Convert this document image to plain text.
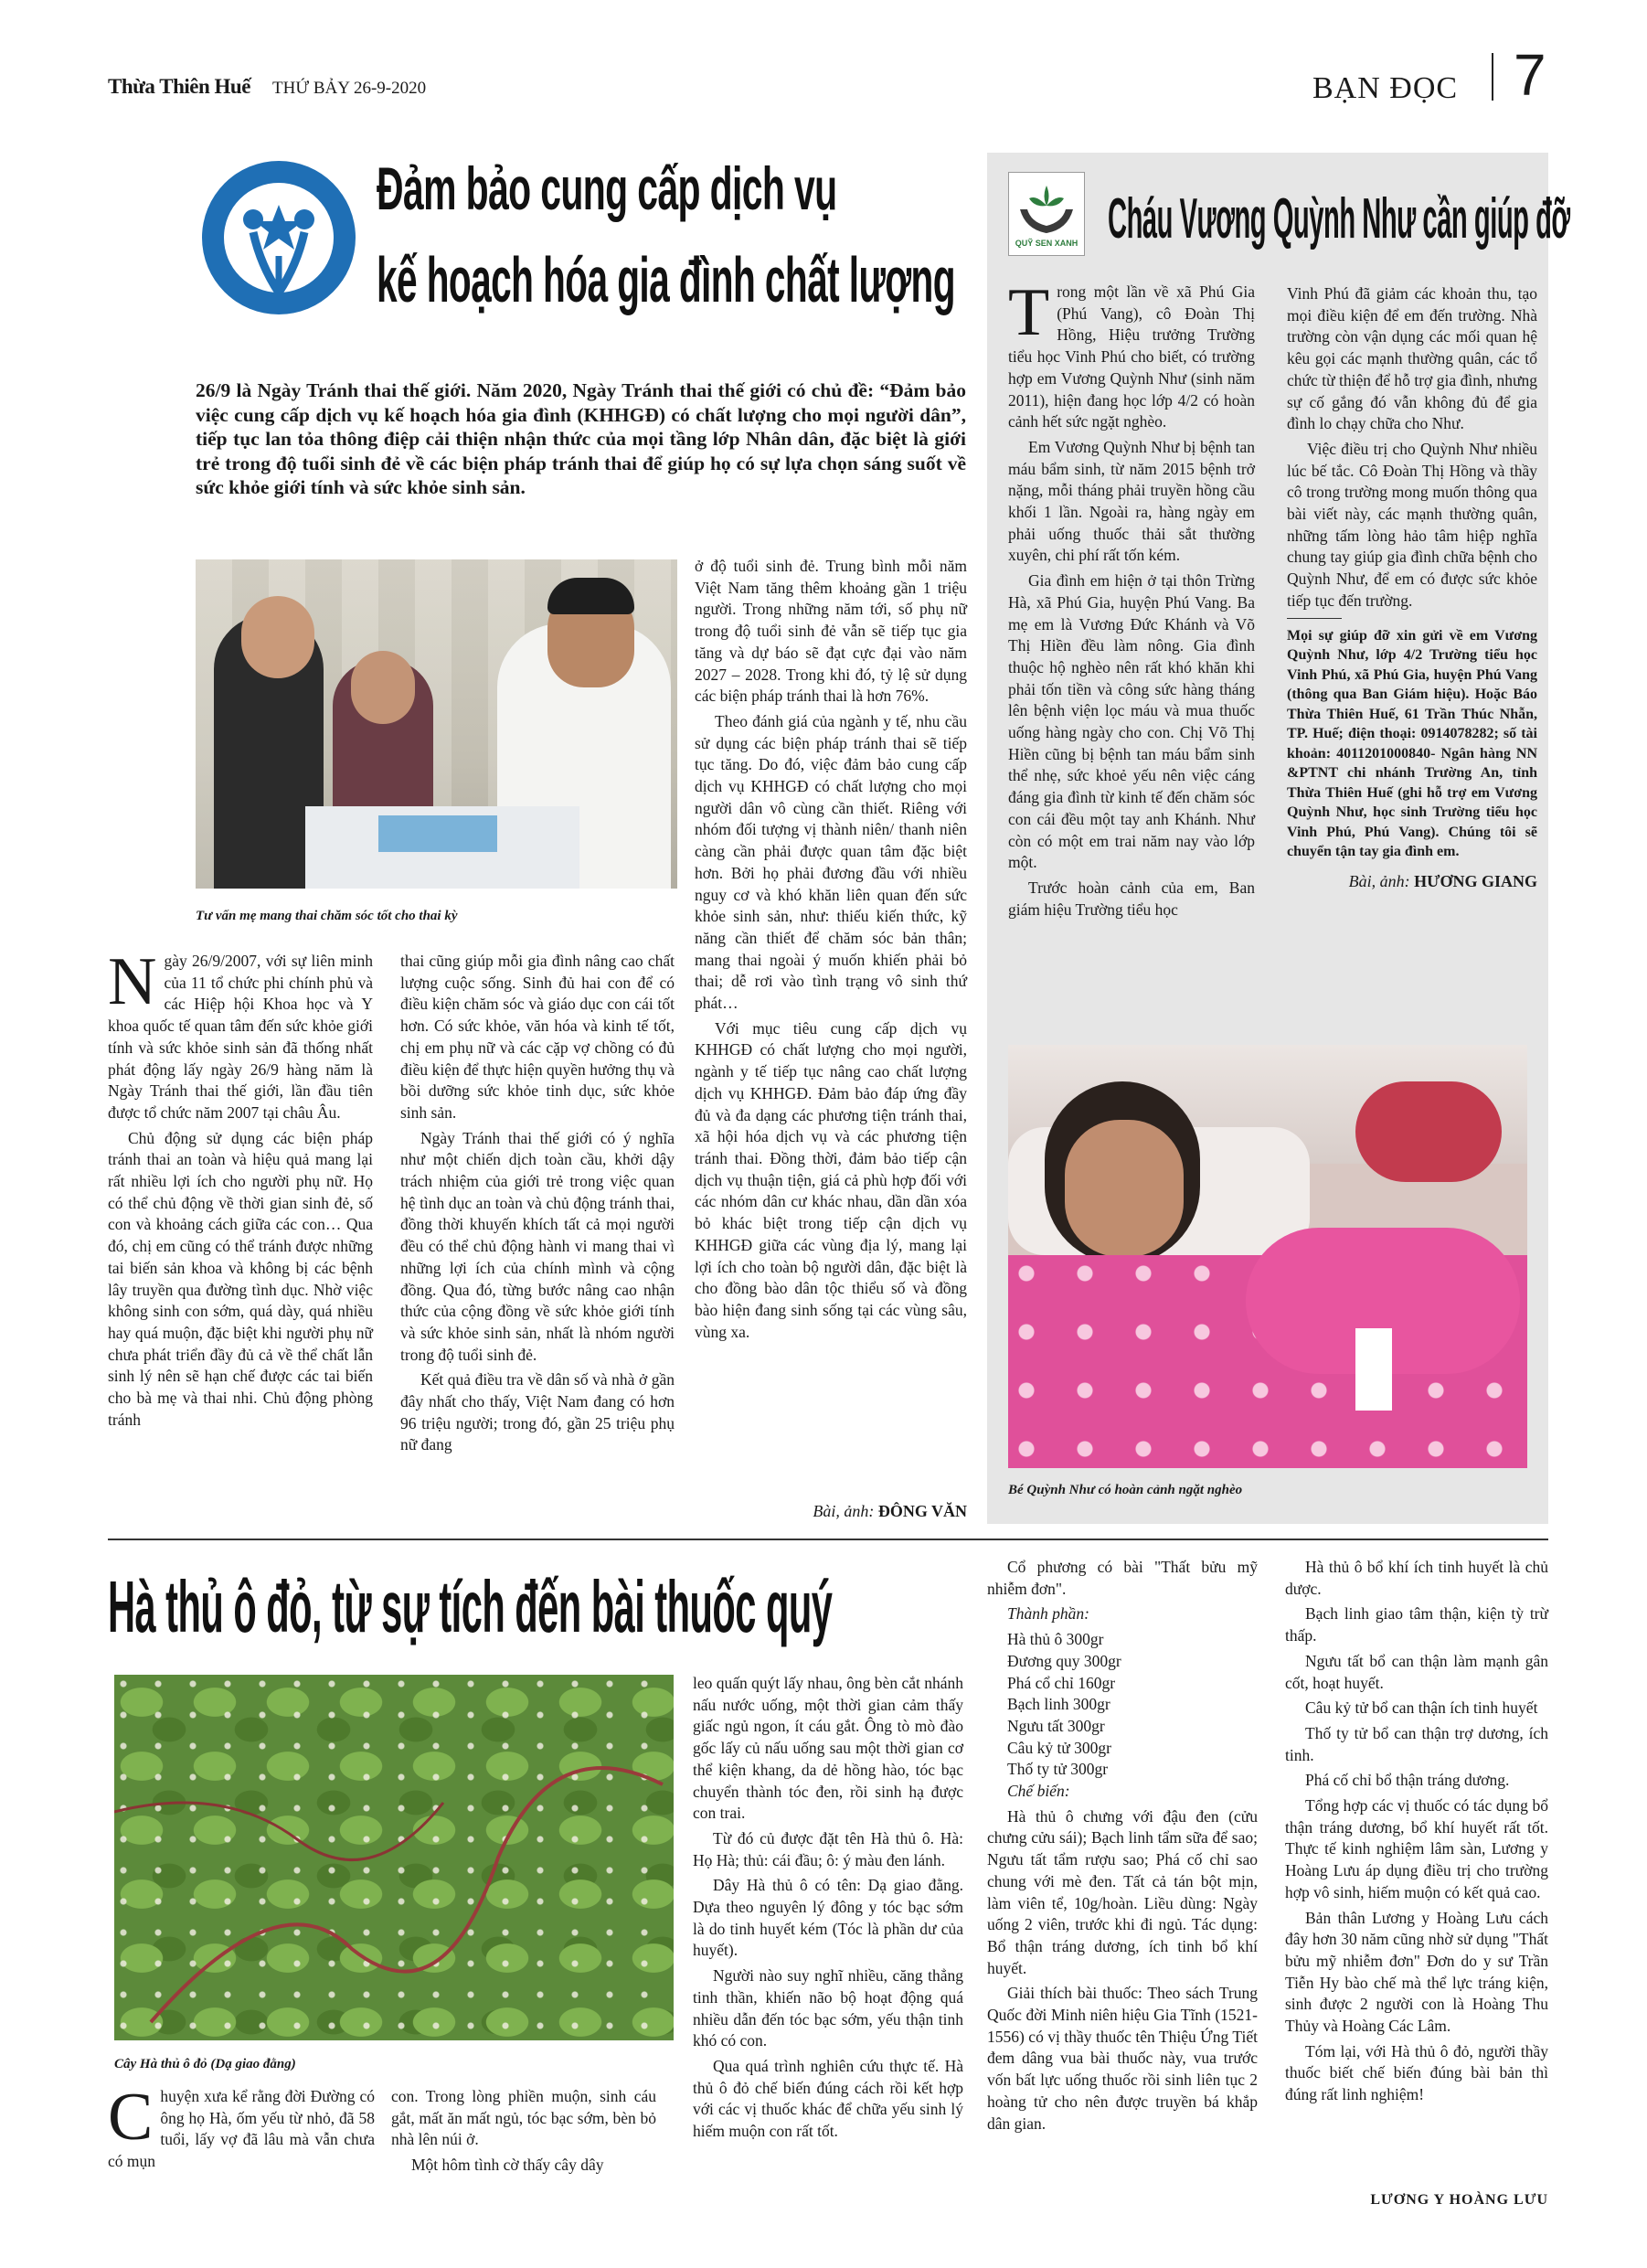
Thừa Thiên Huế THỨ BẢY 26-9-2020	BẠN ĐỌC 7
Đảm bảo cung cấp dịch vụ
kế hoạch hóa gia đình chất lượng
26/9 là Ngày Tránh thai thế giới. Năm 2020, Ngày Tránh thai thế giới có chủ đề: “Đảm bảo việc cung cấp dịch vụ kế hoạch hóa gia đình (KHHGĐ) có chất lượng cho mọi người dân”, tiếp tục lan tỏa thông điệp cải thiện nhận thức của mọi tầng lớp Nhân dân, đặc biệt là giới trẻ trong độ tuổi sinh đẻ về các biện pháp tránh thai để giúp họ có sự lựa chọn sáng suốt về sức khỏe giới tính và sức khỏe sinh sản.
Tư vấn mẹ mang thai chăm sóc tốt cho thai kỳ

Ngày 26/9/2007, với sự liên minh của 11 tổ chức phi chính phủ và các Hiệp hội Khoa học và Y khoa quốc tế quan tâm đến sức khỏe giới tính và sức khỏe sinh sản đã thống nhất phát động lấy ngày 26/9 hàng năm là Ngày Tránh thai thế giới, lần đầu tiên được tổ chức năm 2007 tại châu Âu.

Chủ động sử dụng các biện pháp tránh thai an toàn và hiệu quả mang lại rất nhiều lợi ích cho người phụ nữ. Họ có thể chủ động về thời gian sinh đẻ, số con và khoảng cách giữa các con… Qua đó, chị em cũng có thể tránh được những tai biến sản khoa và không bị các bệnh lây truyền qua đường tình dục. Nhờ việc không sinh con sớm, quá dày, quá nhiều hay quá muộn, đặc biệt khi người phụ nữ chưa phát triển đầy đủ cả về thể chất lẫn sinh lý nên sẽ hạn chế được các tai biến cho bà mẹ và thai nhi. Chủ động phòng tránh

thai cũng giúp mỗi gia đình nâng cao chất lượng cuộc sống. Sinh đủ hai con để có điều kiện chăm sóc và giáo dục con cái tốt hơn. Có sức khỏe, văn hóa và kinh tế tốt, chị em phụ nữ và các cặp vợ chồng có đủ điều kiện để thực hiện quyền hưởng thụ và bồi dưỡng sức khỏe tinh dục, sức khỏe sinh sản.

Ngày Tránh thai thế giới có ý nghĩa như một chiến dịch toàn cầu, khởi dậy trách nhiệm của giới trẻ trong việc quan hệ tình dục an toàn và chủ động tránh thai, đồng thời khuyến khích tất cả mọi người đều có thể chủ động hành vi mang thai vì những lợi ích của chính mình và cộng đồng. Qua đó, từng bước nâng cao nhận thức của cộng đồng về sức khỏe giới tính và sức khỏe sinh sản, nhất là nhóm người trong độ tuổi sinh đẻ.

Kết quả điều tra về dân số và nhà ở gần đây nhất cho thấy, Việt Nam đang có hơn 96 triệu người; trong đó, gần 25 triệu phụ nữ đang

ở độ tuổi sinh đẻ. Trung bình mỗi năm Việt Nam tăng thêm khoảng gần 1 triệu người. Trong những năm tới, số phụ nữ trong độ tuổi sinh đẻ vẫn sẽ tiếp tục gia tăng và dự báo sẽ đạt cực đại vào năm 2027 – 2028. Trong khi đó, tỷ lệ sử dụng các biện pháp tránh thai là hơn 76%.

Theo đánh giá của ngành y tế, nhu cầu sử dụng các biện pháp tránh thai sẽ tiếp tục tăng. Do đó, việc đảm bảo cung cấp dịch vụ KHHGĐ có chất lượng cho mọi người dân vô cùng cần thiết. Riêng với nhóm đối tượng vị thành niên/ thanh niên càng cần phải được quan tâm đặc biệt hơn. Bởi họ phải đương đầu với nhiều nguy cơ và khó khăn liên quan đến sức khỏe sinh sản, như: thiếu kiến thức, kỹ năng cần thiết để chăm sóc bản thân; mang thai ngoài ý muốn khiến phải bỏ thai; dễ rơi vào tình trạng vô sinh thứ phát…

Với mục tiêu cung cấp dịch vụ KHHGĐ có chất lượng cho mọi người, ngành y tế tiếp tục nâng cao chất lượng dịch vụ KHHGĐ. Đảm bảo đáp ứng đầy đủ và đa dạng các phương tiện tránh thai, xã hội hóa dịch vụ và các phương tiện tránh thai. Đồng thời, đảm bảo tiếp cận dịch vụ thuận tiện, giá cả phù hợp đối với các nhóm dân cư khác nhau, dần dần xóa bỏ khác biệt trong tiếp cận dịch vụ KHHGĐ giữa các vùng địa lý, mang lại lợi ích cho toàn bộ người dân, đặc biệt là cho đồng bào dân tộc thiểu số và đồng bào hiện đang sinh sống tại các vùng sâu, vùng xa.

Bài, ảnh: ĐÔNG VĂN
QUỸ SEN XANH Cháu Vương Quỳnh Như cần giúp đỡ

Trong một lần về xã Phú Gia (Phú Vang), cô Đoàn Thị Hồng, Hiệu trưởng Trường tiểu học Vinh Phú cho biết, có trường hợp em Vương Quỳnh Như (sinh năm 2011), hiện đang học lớp 4/2 có hoàn cảnh hết sức ngặt nghèo.

Em Vương Quỳnh Như bị bệnh tan máu bẩm sinh, từ năm 2015 bệnh trở nặng, mỗi tháng phải truyền hồng cầu khối 1 lần. Ngoài ra, hàng ngày em phải uống thuốc thải sắt thường xuyên, chi phí rất tốn kém.

Gia đình em hiện ở tại thôn Trừng Hà, xã Phú Gia, huyện Phú Vang. Ba mẹ em là Vương Đức Khánh và Võ Thị Hiền đều làm nông. Gia đình thuộc hộ nghèo nên rất khó khăn khi phải tốn tiền và công sức hàng tháng lên bệnh viện lọc máu và mua thuốc uống hàng ngày cho con. Chị Võ Thị Hiền cũng bị bệnh tan máu bẩm sinh thể nhẹ, sức khoẻ yếu nên việc cáng đáng gia đình từ kinh tế đến chăm sóc con cái đều một tay anh Khánh. Như còn có một em trai năm nay vào lớp một.

Trước hoàn cảnh của em, Ban giám hiệu Trường tiểu học

Vinh Phú đã giảm các khoản thu, tạo mọi điều kiện để em đến trường. Nhà trường còn vận dụng các mối quan hệ kêu gọi các mạnh thường quân, các tổ chức từ thiện để hỗ trợ gia đình, nhưng sự cố gắng đó vẫn không đủ để gia đình lo chạy chữa cho Như.

Việc điều trị cho Quỳnh Như nhiều lúc bế tắc. Cô Đoàn Thị Hồng và thầy cô trong trường mong muốn thông qua bài viết này, các mạnh thường quân, những tấm lòng hảo tâm hiệp nghĩa chung tay giúp gia đình chữa bệnh cho Quỳnh Như, để em có được sức khỏe tiếp tục đến trường.

Mọi sự giúp đỡ xin gửi về em Vương Quỳnh Như, lớp 4/2 Trường tiểu học Vinh Phú, xã Phú Gia, huyện Phú Vang (thông qua Ban Giám hiệu). Hoặc Báo Thừa Thiên Huế, 61 Trần Thúc Nhẫn, TP. Huế; điện thoại: 0914078282; số tài khoản: 4011201000840- Ngân hàng NN &PTNT chi nhánh Trường An, tỉnh Thừa Thiên Huế (ghi hỗ trợ em Vương Quỳnh Như, học sinh Trường tiểu học Vinh Phú, Phú Vang). Chúng tôi sẽ chuyển tận tay gia đình em.

Bài, ảnh: HƯƠNG GIANG
Bé Quỳnh Như có hoàn cảnh ngặt nghèo
Hà thủ ô đỏ, từ sự tích đến bài thuốc quý
Cây Hà thủ ô đỏ (Dạ giao đằng)

Chuyện xưa kể rằng đời Đường có ông họ Hà, ốm yếu từ nhỏ, đã 58 tuổi, lấy vợ đã lâu mà vẫn chưa có mụn

con. Trong lòng phiền muộn, sinh cáu gắt, mất ăn mất ngủ, tóc bạc sớm, bèn bỏ nhà lên núi ở.

Một hôm tình cờ thấy cây dây

leo quấn quýt lấy nhau, ông bèn cắt nhánh nấu nước uống, một thời gian cảm thấy giấc ngủ ngon, ít cáu gắt. Ông tò mò đào gốc lấy củ nấu uống sau một thời gian cơ thể kiện khang, da dẻ hồng hào, tóc bạc chuyển thành tóc đen, rồi sinh hạ được con trai.

Từ đó củ được đặt tên Hà thủ ô. Hà: Họ Hà; thủ: cái đầu; ô: ý màu đen lánh.

Dây Hà thủ ô có tên: Dạ giao đằng. Dựa theo nguyên lý đông y tóc bạc sớm là do tinh huyết kém (Tóc là phần dư của huyết).

Người nào suy nghĩ nhiều, căng thẳng tinh thần, khiến não bộ hoạt động quá nhiều dẫn đến tóc bạc sớm, yếu thận tinh khó có con.

Qua quá trình nghiên cứu thực tế. Hà thủ ô đỏ chế biến đúng cách rồi kết hợp với các vị thuốc khác để chữa yếu sinh lý hiếm muộn con rất tốt.

Cổ phương có bài "Thất bửu mỹ nhiễm đơn".

Thành phần:

Hà thủ ô 300gr

Đương quy 300gr

Phá cổ chỉ 160gr

Bạch linh 300gr

Ngưu tất 300gr

Câu kỷ tử 300gr

Thố ty tử 300gr

Chế biến:

Hà thủ ô chưng với đậu đen (cửu chưng cửu sái); Bạch linh tẩm sữa để sao; Ngưu tất tẩm rượu sao; Phá cố chỉ sao chung với mè đen. Tất cả tán bột mịn, làm viên tể, 10g/hoàn. Liều dùng: Ngày uống 2 viên, trước khi đi ngủ. Tác dụng: Bổ thận tráng dương, ích tinh bổ khí huyết.

Giải thích bài thuốc: Theo sách Trung Quốc đời Minh niên hiệu Gia Tĩnh (1521-1556) có vị thầy thuốc tên Thiệu Ứng Tiết đem dâng vua bài thuốc này, vua trước vốn bất lực uống thuốc rồi sinh liên tục 2 hoàng tử cho nên được truyền bá khắp dân gian.

Hà thủ ô bổ khí ích tinh huyết là chủ dược.

Bạch linh giao tâm thận, kiện tỳ trừ thấp.

Ngưu tất bổ can thận làm mạnh gân cốt, hoạt huyết.

Câu kỷ tử bổ can thận ích tinh huyết

Thố ty tử bổ can thận trợ dương, ích tinh.

Phá cố chỉ bổ thận tráng dương.

Tổng hợp các vị thuốc có tác dụng bổ thận tráng dương, bổ khí huyết rất tốt. Thực tế kinh nghiệm lâm sàn, Lương y Hoàng Lưu áp dụng điều trị cho trường hợp vô sinh, hiếm muộn có kết quả cao.

Bản thân Lương y Hoàng Lưu cách đây hơn 30 năm cũng nhờ sử dụng "Thất bửu mỹ nhiễm đơn" Đơn do y sư Trần Tiễn Hy bào chế mà thể lực tráng kiện, sinh được 2 người con là Hoàng Thu Thủy và Hoàng Các Lâm.

Tóm lại, với Hà thủ ô đỏ, người thầy thuốc biết chế biến đúng bài bản thì đúng rất linh nghiệm!

LƯƠNG Y HOÀNG LƯU
